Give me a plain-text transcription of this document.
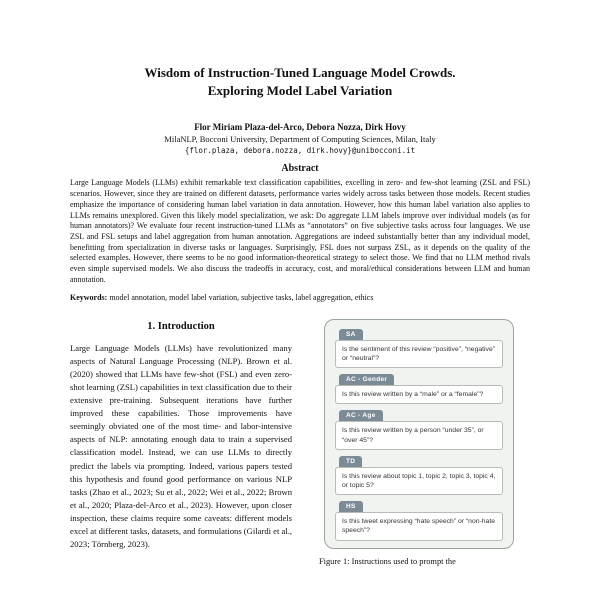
Wisdom of Instruction-Tuned Language Model Crowds.
Exploring Model Label Variation
Flor Miriam Plaza-del-Arco, Debora Nozza, Dirk Hovy
MilaNLP, Bocconi University, Department of Computing Sciences, Milan, Italy
{flor.plaza, debora.nozza, dirk.hovy}@unibocconi.it
Abstract

Large Language Models (LLMs) exhibit remarkable text classification capabilities, excelling in zero- and few-shot learning (ZSL and FSL) scenarios. However, since they are trained on different datasets, performance varies widely across tasks between those models. Recent studies emphasize the importance of considering human label variation in data annotation. However, how this human label variation also applies to LLMs remains unexplored. Given this likely model specialization, we ask: Do aggregate LLM labels improve over individual models (as for human annotators)? We evaluate four recent instruction-tuned LLMs as “annotators” on five subjective tasks across four languages. We use ZSL and FSL setups and label aggregation from human annotation. Aggregations are indeed substantially better than any individual model, benefitting from specialization in diverse tasks or languages. Surprisingly, FSL does not surpass ZSL, as it depends on the quality of the selected examples. However, there seems to be no good information-theoretical strategy to select those. We find that no LLM method rivals even simple supervised models. We also discuss the tradeoffs in accuracy, cost, and moral/ethical considerations between LLM and human annotation.

Keywords: model annotation, model label variation, subjective tasks, label aggregation, ethics

1. Introduction

Large Language Models (LLMs) have revolutionized many aspects of Natural Language Processing (NLP). Brown et al. (2020) showed that LLMs have few-shot (FSL) and even zero-shot learning (ZSL) capabilities in text classification due to their extensive pre-training. Subsequent iterations have further improved these capabilities. Those improvements have seemingly obviated one of the most time- and labor-intensive aspects of NLP: annotating enough data to train a supervised classification model. Instead, we can use LLMs to directly predict the labels via prompting. Indeed, various papers tested this hypothesis and found good performance on various NLP tasks (Zhao et al., 2023; Su et al., 2022; Wei et al., 2022; Brown et al., 2020; Plaza-del-Arco et al., 2023). However, upon closer inspection, these claims require some caveats: different models excel at different tasks, datasets, and formulations (Gilardi et al., 2023; Törnberg, 2023).

SA
Is the sentiment of this review “positive”, “negative” or “neutral”?
AC - Gender
Is this review written by a “male” or a “female”?
AC - Age
Is this review written by a person “under 35”, or “over 45”?
TD
Is this review about topic 1, topic 2, topic 3, topic 4, or topic 5?
HS
Is this tweet expressing “hate speech” or “non-hate speech”?

Figure 1: Instructions used to prompt the
